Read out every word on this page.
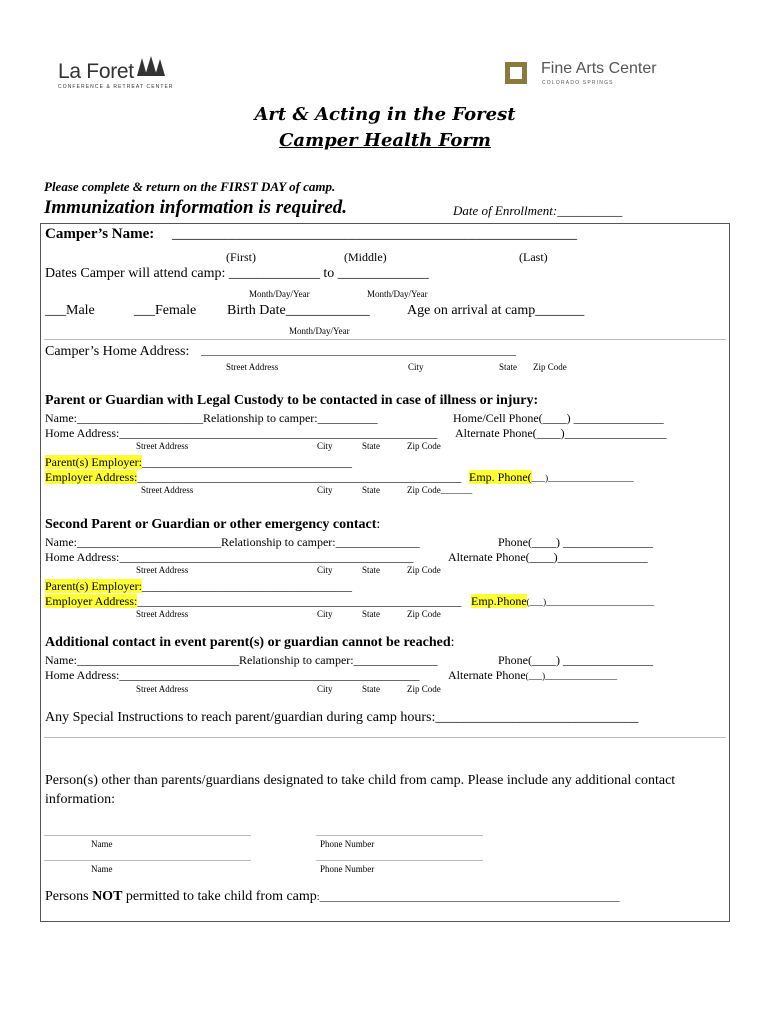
La Foret
CONFERENCE & RETREAT CENTER
Fine Arts Center
COLORADO SPRINGS
Art & Acting in the Forest
Camper Health Form
Please complete & return on the FIRST DAY of camp.
Immunization information is required.	Date of Enrollment:__________
Camper’s Name: ______________________________________________________
(First)	(Middle)	(Last)
Dates Camper will attend camp: _____________ to _____________
Month/Day/Year	Month/Day/Year
___Male	___Female Birth Date____________	Age on arrival at camp_______
Month/Day/Year
Camper’s Home Address: _______________________________________________________________
Street Address	City	State Zip Code
Parent or Guardian with Legal Custody to be contacted in case of illness or injury:
Name:_____________________Relationship to camper:__________	Home/Cell Phone(____) _______________
Home Address:_____________________________________________________ Alternate Phone(____)_________________
Street Address	City	State	Zip Code
Parent(s) Employer:___________________________________
Employer Address:______________________________________________________ Emp. Phone(___)___________________
Street Address	City	State	Zip Code_______
Second Parent or Guardian or other emergency contact:
Name:________________________Relationship to camper:______________	Phone(____) _______________
Home Address:_________________________________________________	Alternate Phone(____)_______________
Street Address	City	State	Zip Code
Parent(s) Employer:___________________________________
Employer Address:______________________________________________________ Emp.Phone(___)________________________
Street Address	City	State	Zip Code
Additional contact in event parent(s) or guardian cannot be reached:
Name:___________________________Relationship to camper:______________	Phone(____) _______________
Home Address:__________________________________________________ Alternate Phone(___)________________
Street Address	City	State	Zip Code
Any Special Instructions to reach parent/guardian during camp hours:_____________________________
Person(s) other than parents/guardians designated to take child from camp. Please include any additional contact information:
Name	Phone Number
Name	Phone Number
Persons NOT permitted to take child from camp:____________________________________________________________
